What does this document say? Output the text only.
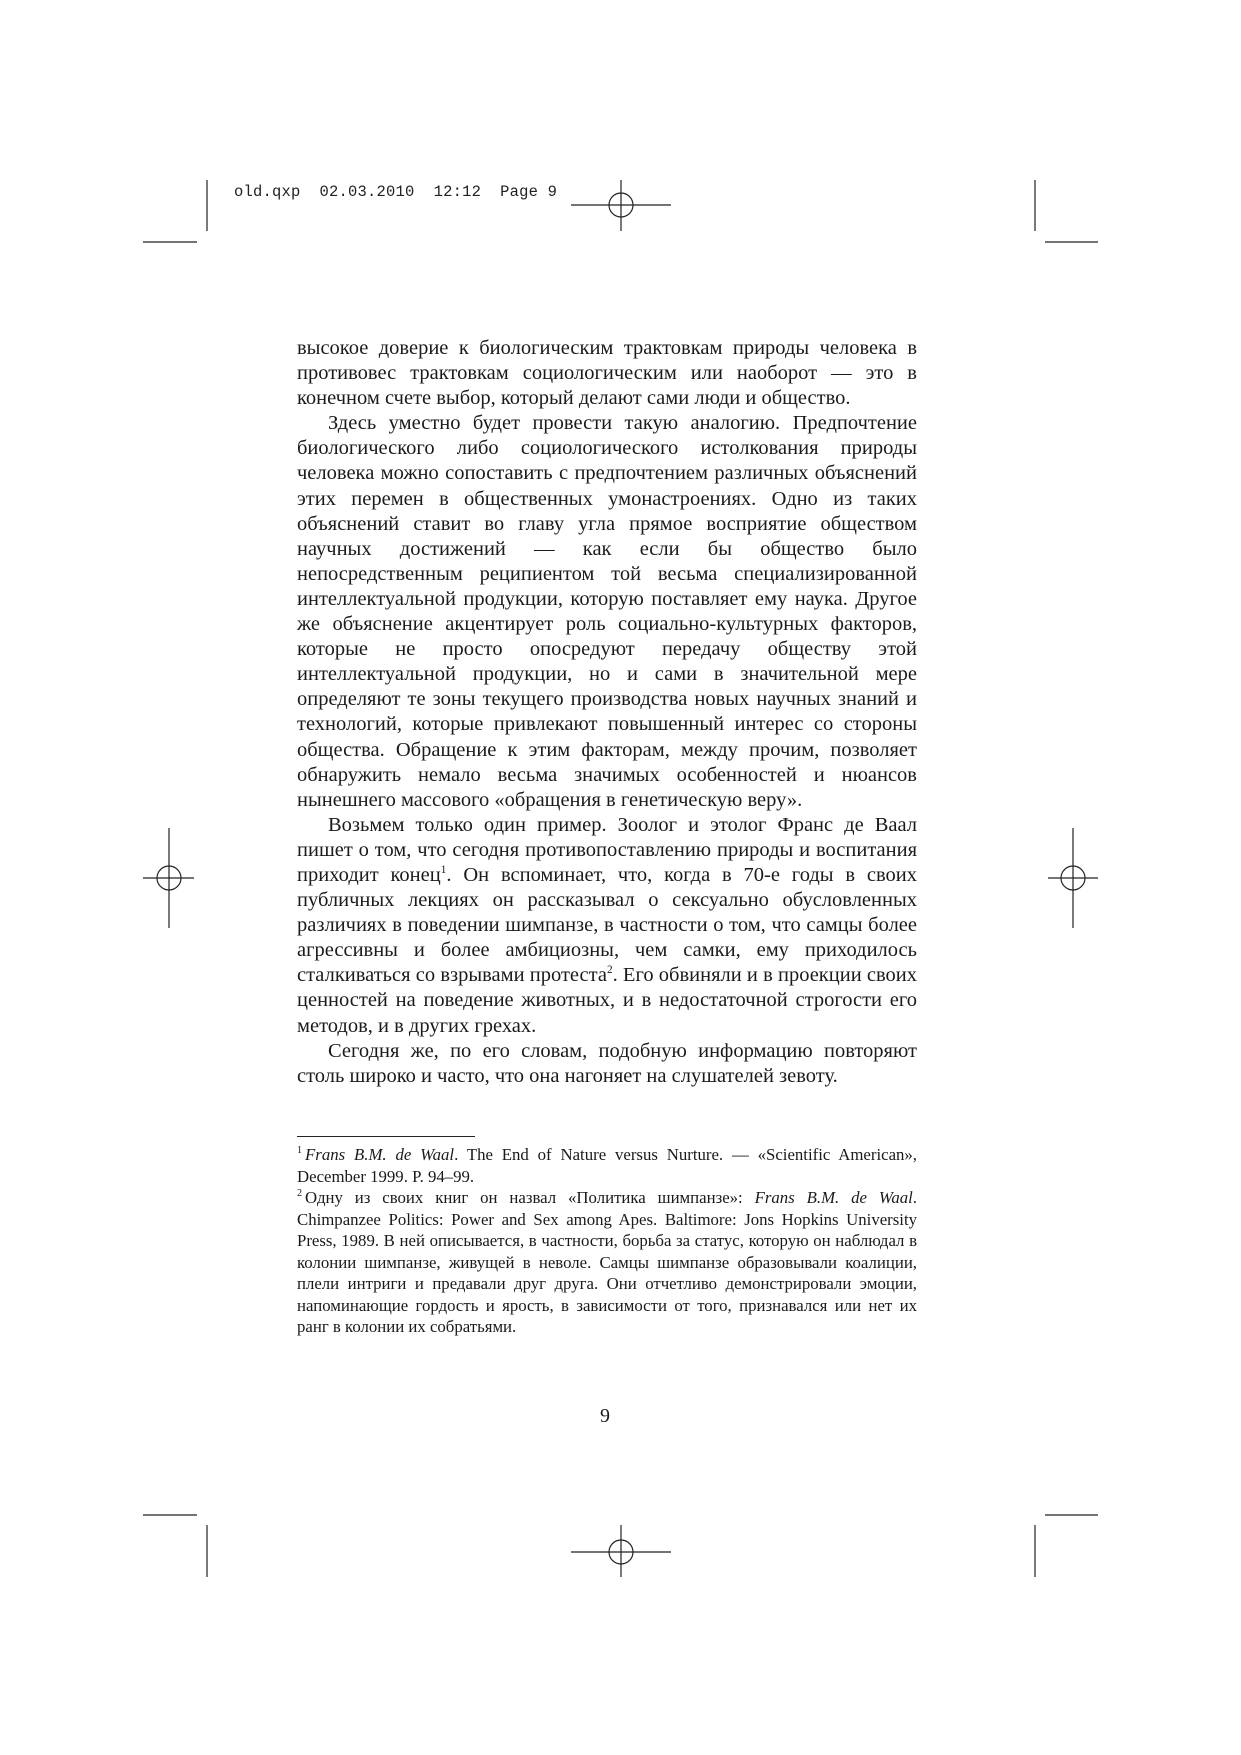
old.qxp 02.03.2010 12:12 Page 9

высокое доверие к биологическим трактовкам природы человека в противовес трактовкам социологическим или наоборот — это в конечном счете выбор, который делают сами люди и общество.

Здесь уместно будет провести такую аналогию. Предпочтение биологического либо социологического истолкования природы человека можно сопоставить с предпочтением различных объяснений этих перемен в общественных умонастроениях. Одно из таких объяснений ставит во главу угла прямое восприятие обществом научных достижений — как если бы общество было непосредственным реципиентом той весьма специализированной интеллектуальной продукции, которую поставляет ему наука. Другое же объяснение акцентирует роль социально-культурных факторов, которые не просто опосредуют передачу обществу этой интеллектуальной продукции, но и сами в значительной мере определяют те зоны текущего производства новых научных знаний и технологий, которые привлекают повышенный интерес со стороны общества. Обращение к этим факторам, между прочим, позволяет обнаружить немало весьма значимых особенностей и нюансов нынешнего массового «обращения в генетическую веру».

Возьмем только один пример. Зоолог и этолог Франс де Ваал пишет о том, что сегодня противопоставлению природы и воспитания приходит конец$^1$. Он вспоминает, что, когда в 70-е годы в своих публичных лекциях он рассказывал о сексуально обусловленных различиях в поведении шимпанзе, в частности о том, что самцы более агрессивны и более амбициозны, чем самки, ему приходилось сталкиваться со взрывами протеста$^2$. Его обвиняли и в проекции своих ценностей на поведение животных, и в недостаточной строгости его методов, и в других грехах.

Сегодня же, по его словам, подобную информацию повторяют столь широко и часто, что она нагоняет на слушателей зевоту.

$^1$ Frans B.M. de Waal. The End of Nature versus Nurture. — «Scientific American», December 1999. P. 94–99.

$^2$ Одну из своих книг он назвал «Политика шимпанзе»: Frans B.M. de Waal. Chimpanzee Politics: Power and Sex among Apes. Baltimore: Jons Hopkins University Press, 1989. В ней описывается, в частности, борьба за статус, которую он наблюдал в колонии шимпанзе, живущей в неволе. Самцы шимпанзе образовывали коалиции, плели интриги и предавали друг друга. Они отчетливо демонстрировали эмоции, напоминающие гордость и ярость, в зависимости от того, признавался или нет их ранг в колонии их собратьями.

9
